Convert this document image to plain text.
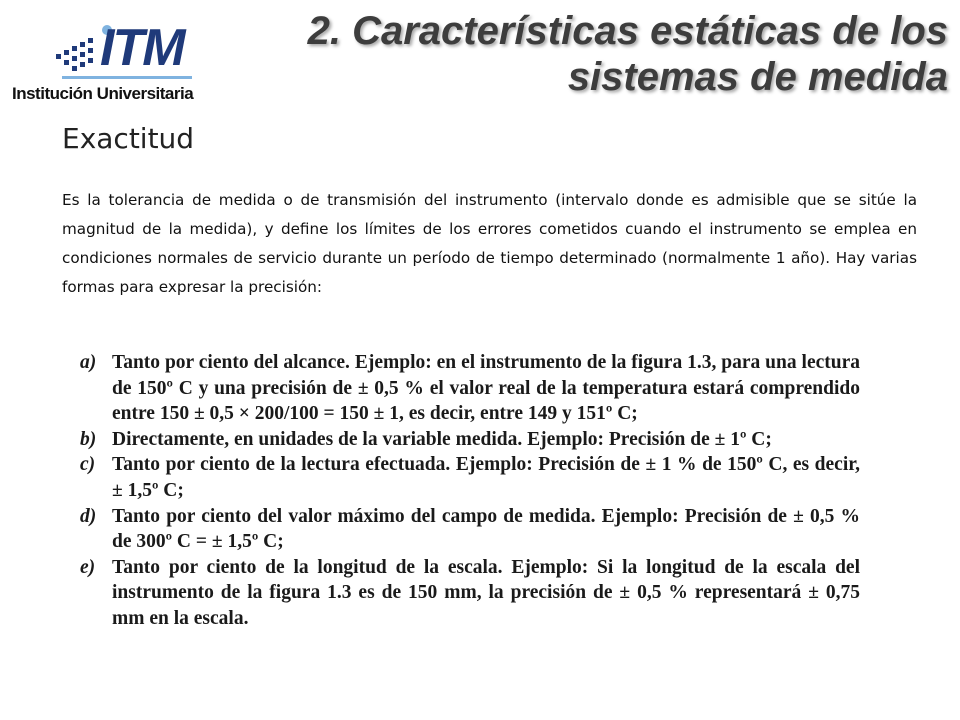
ITM
Institución Universitaria
2. Características estáticas de los sistemas de medida
Exactitud
Es la tolerancia de medida o de transmisión del instrumento (intervalo donde es admisible que se sitúe la magnitud de la medida), y define los límites de los errores cometidos cuando el instrumento se emplea en condiciones normales de servicio durante un período de tiempo determinado (normalmente 1 año). Hay varias formas para expresar la precisión:
a) Tanto por ciento del alcance. Ejemplo: en el instrumento de la figura 1.3, para una lectura de 150º C y una precisión de ± 0,5 % el valor real de la temperatura estará comprendido entre 150 ± 0,5 × 200/100 = 150 ± 1, es decir, entre 149 y 151º C;
b) Directamente, en unidades de la variable medida. Ejemplo: Precisión de ± 1º C;
c) Tanto por ciento de la lectura efectuada. Ejemplo: Precisión de ± 1 % de 150º C, es decir, ± 1,5º C;
d) Tanto por ciento del valor máximo del campo de medida. Ejemplo: Precisión de ± 0,5 % de 300º C = ± 1,5º C;
e) Tanto por ciento de la longitud de la escala. Ejemplo: Si la longitud de la escala del instrumento de la figura 1.3 es de 150 mm, la precisión de ± 0,5 % representará ± 0,75 mm en la escala.
